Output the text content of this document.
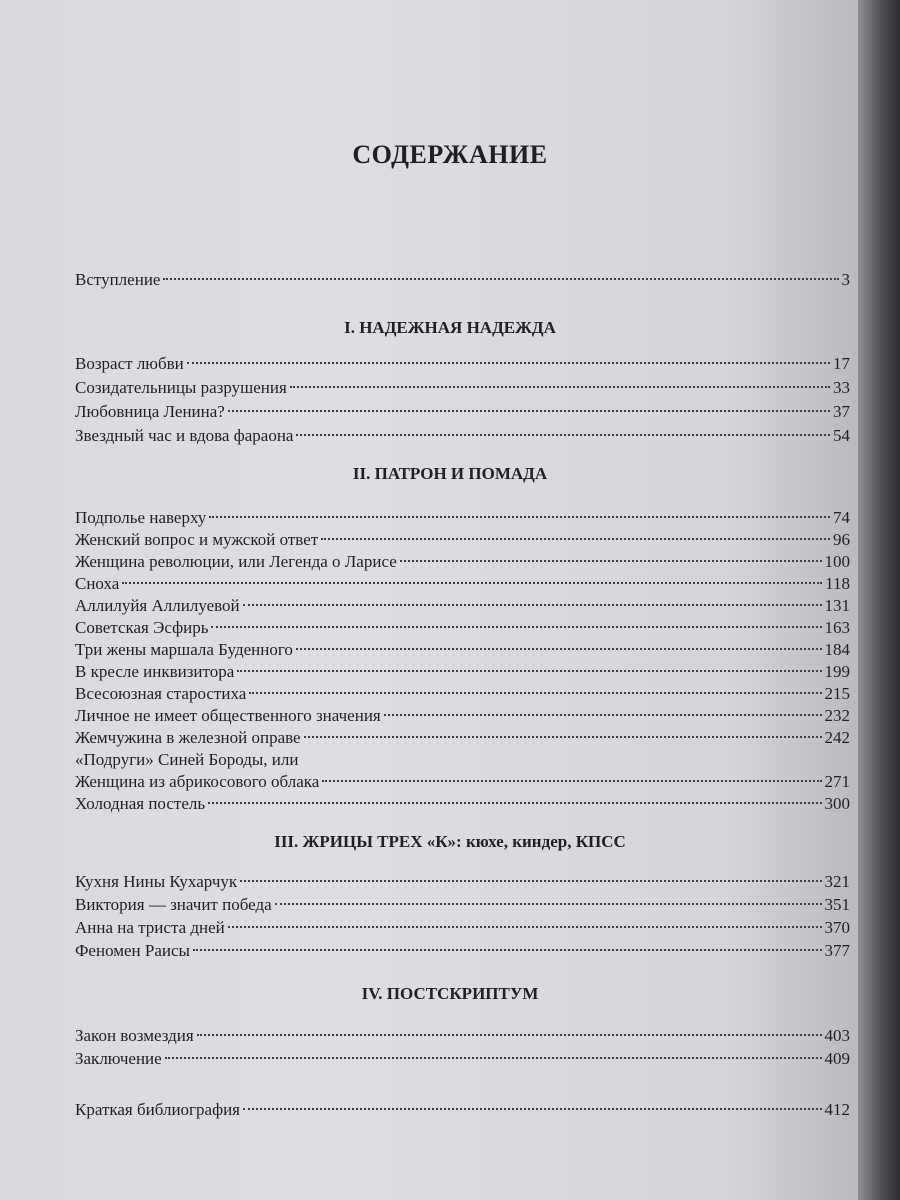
СОДЕРЖАНИЕ
Вступление	3
I. НАДЕЖНАЯ НАДЕЖДА
Возраст любви	17
Созидательницы разрушения	33
Любовница Ленина?	37
Звездный час и вдова фараона	54
II. ПАТРОН И ПОМАДА
Подполье наверху	74
Женский вопрос и мужской ответ	96
Женщина революции, или Легенда о Ларисе	100
Сноха	118
Аллилуйя Аллилуевой	131
Советская Эсфирь	163
Три жены маршала Буденного	184
В кресле инквизитора	199
Всесоюзная старостиха	215
Личное не имеет общественного значения	232
Жемчужина в железной оправе	242
«Подруги» Синей Бороды, или
Женщина из абрикосового облака	271
Холодная постель	300
III. ЖРИЦЫ ТРЕХ «К»: кюхе, киндер, КПСС
Кухня Нины Кухарчук	321
Виктория — значит победа	351
Анна на триста дней	370
Феномен Раисы	377
IV. ПОСТСКРИПТУМ
Закон возмездия	403
Заключение	409
Краткая библиография	412
